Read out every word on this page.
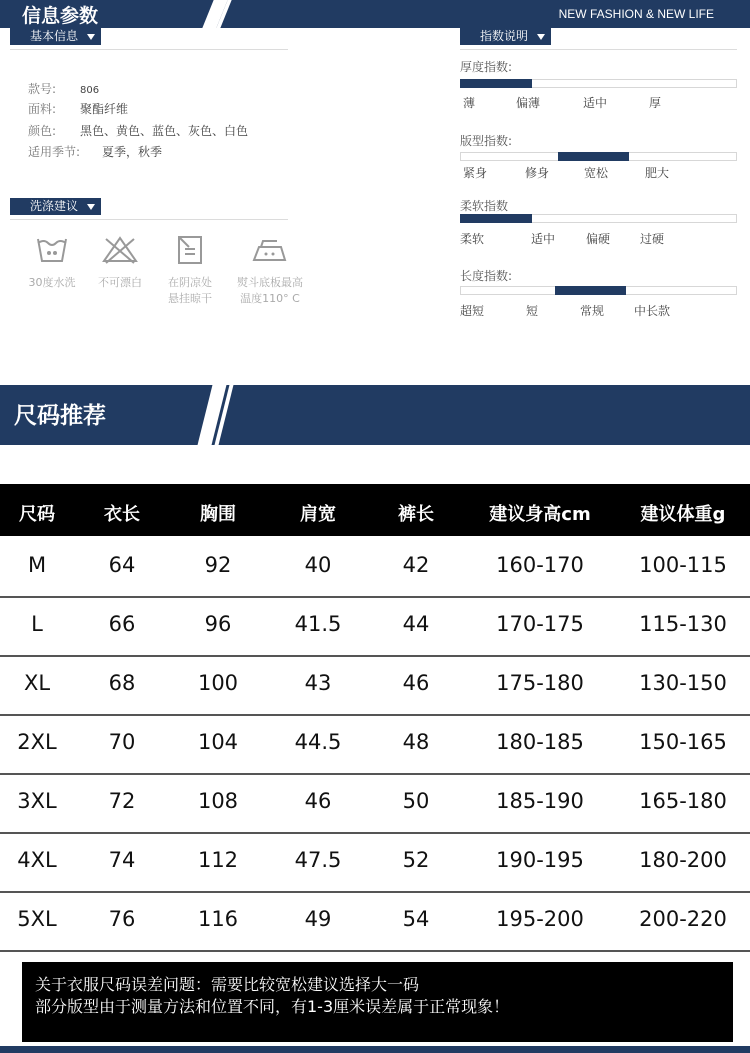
信息参数	NEW FASHION & NEW LIFE
基本信息
款号: 806
面料: 聚酯纤维
颜色: 黑色、黄色、蓝色、灰色、白色
适用季节: 夏季，秋季
洗涤建议
30度水洗	不可漂白	在阴凉处
悬挂晾干
熨斗底板最高
温度110° C
指数说明
厚度指数:
薄	偏薄	适中	厚
版型指数:
紧身	修身	宽松	肥大
柔软指数
柔软	适中	偏硬 过硬
长度指数:
超短	短	常规 中长款
尺码推荐
尺码	衣长	胸围	肩宽	裤长	建议身高cm	建议体重g
M	64	92	40	42	160-170	100-115
L	66	96	41.5	44	170-175	115-130
XL	68	100	43	46	175-180	130-150
2XL	70	104	44.5	48	180-185	150-165
3XL	72	108	46	50	185-190	165-180
4XL	74	112	47.5	52	190-195	180-200
5XL	76	116	49	54	195-200	200-220
关于衣服尺码误差问题：需要比较宽松建议选择大一码
部分版型由于测量方法和位置不同，有1-3厘米误差属于正常现象！
